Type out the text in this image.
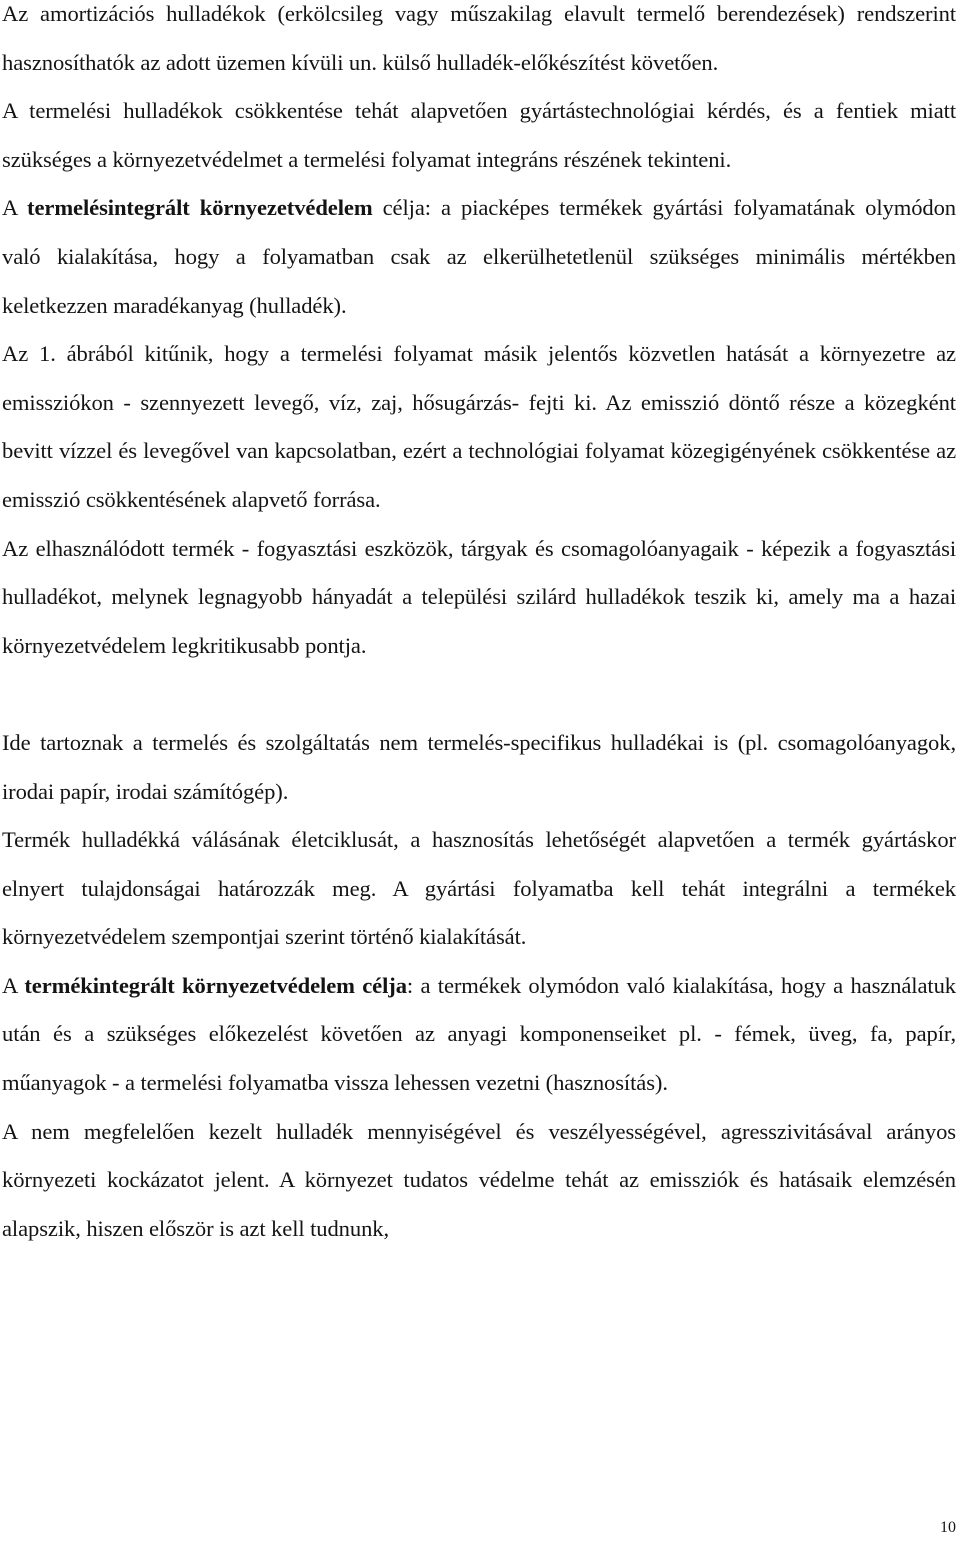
Az amortizációs hulladékok (erkölcsileg vagy műszakilag elavult termelő berendezések) rendszerint hasznosíthatók az adott üzemen kívüli un. külső hulladék-előkészítést követően.

A termelési hulladékok csökkentése tehát alapvetően gyártástechnológiai kérdés, és a fentiek miatt szükséges a környezetvédelmet a termelési folyamat integráns részének tekinteni.

A termelésintegrált környezetvédelem célja: a piacképes termékek gyártási folyamatának olymódon való kialakítása, hogy a folyamatban csak az elkerülhetetlenül szükséges minimális mértékben keletkezzen maradékanyag (hulladék).

Az 1. ábrából kitűnik, hogy a termelési folyamat másik jelentős közvetlen hatását a környezetre az emissziókon - szennyezett levegő, víz, zaj, hősugárzás- fejti ki. Az emisszió döntő része a közegként bevitt vízzel és levegővel van kapcsolatban, ezért a technológiai folyamat közegigényének csökkentése az emisszió csökkentésének alapvető forrása.

Az elhasználódott termék - fogyasztási eszközök, tárgyak és csomagolóanyagaik - képezik a fogyasztási hulladékot, melynek legnagyobb hányadát a települési szilárd hulladékok teszik ki, amely ma a hazai környezetvédelem legkritikusabb pontja.

Ide tartoznak a termelés és szolgáltatás nem termelés-specifikus hulladékai is (pl. csomagolóanyagok, irodai papír, irodai számítógép).

Termék hulladékká válásának életciklusát, a hasznosítás lehetőségét alapvetően a termék gyártáskor elnyert tulajdonságai határozzák meg. A gyártási folyamatba kell tehát integrálni a termékek környezetvédelem szempontjai szerint történő kialakítását.

A termékintegrált környezetvédelem célja: a termékek olymódon való kialakítása, hogy a használatuk után és a szükséges előkezelést követően az anyagi komponenseiket pl. - fémek, üveg, fa, papír, műanyagok - a termelési folyamatba vissza lehessen vezetni (hasznosítás).

A nem megfelelően kezelt hulladék mennyiségével és veszélyességével, agresszivitásával arányos környezeti kockázatot jelent. A környezet tudatos védelme tehát az emissziók és hatásaik elemzésén alapszik, hiszen először is azt kell tudnunk,

10
